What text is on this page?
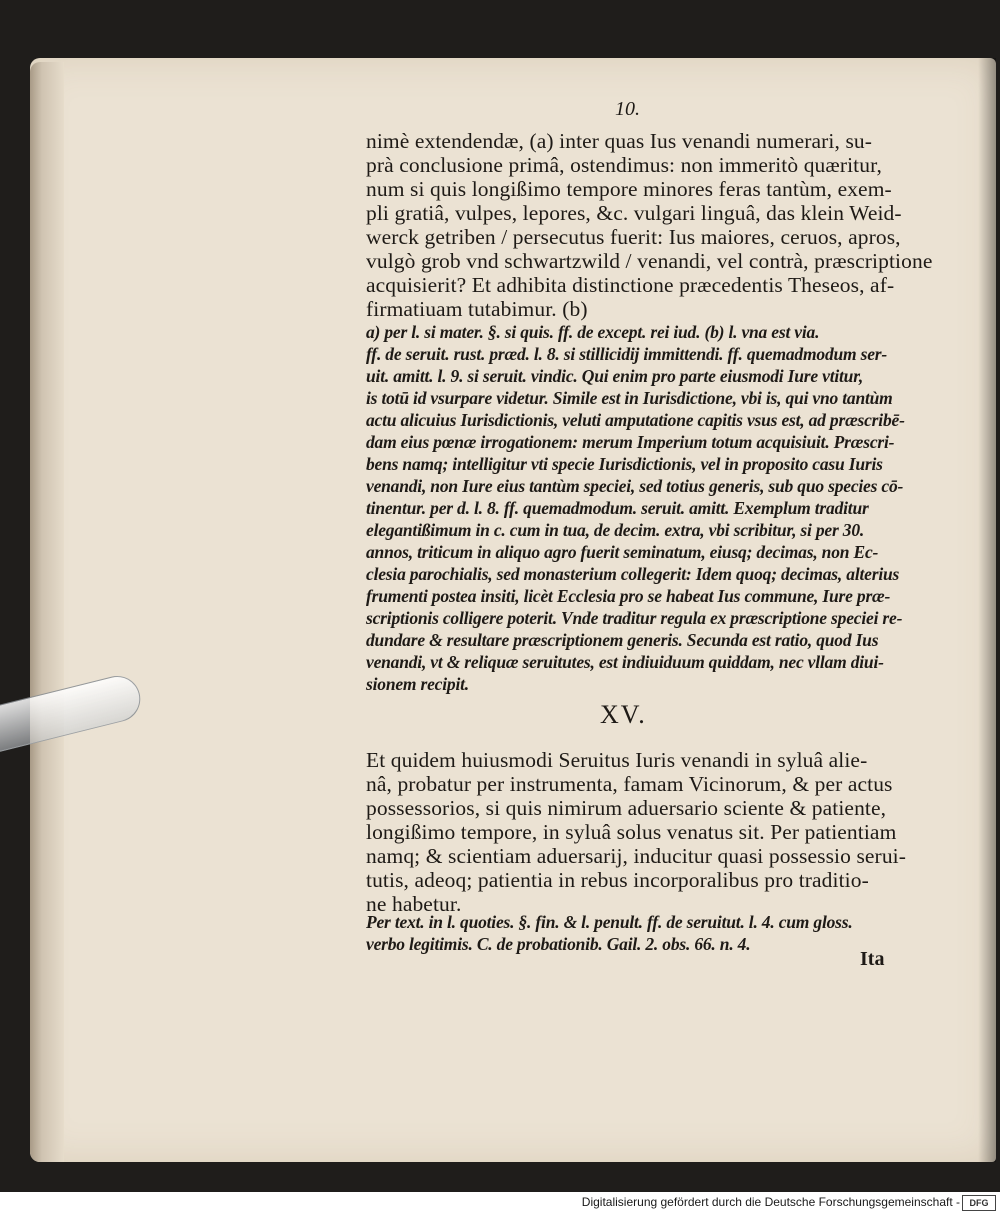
10.
nimè extendendæ, (a) inter quas Ius venandi numerari, su-
prà conclusione primâ, ostendimus: non immeritò quæritur,
num si quis longißimo tempore minores feras tantùm, exem-
pli gratiâ, vulpes, lepores, &c. vulgari linguâ, das klein Weid-
werck getriben / persecutus fuerit: Ius maiores, ceruos, apros,
vulgò grob vnd schwartzwild / venandi, vel contrà, præscriptione
acquisierit? Et adhibita distinctione præcedentis Theseos, af-
firmatiuam tutabimur. (b)
a) per l. si mater. §. si quis. ff. de except. rei iud. (b) l. vna est via.
ff. de seruit. rust. præd. l. 8. si stillicidij immittendi. ff. quemadmodum ser-
uit. amitt. l. 9. si seruit. vindic. Qui enim pro parte eiusmodi Iure vtitur,
is totū id vsurpare videtur. Simile est in Iurisdictione, vbi is, qui vno tantùm
actu alicuius Iurisdictionis, veluti amputatione capitis vsus est, ad præscribē-
dam eius pœnæ irrogationem: merum Imperium totum acquisiuit. Præscri-
bens namq; intelligitur vti specie Iurisdictionis, vel in proposito casu Iuris
venandi, non Iure eius tantùm speciei, sed totius generis, sub quo species cō-
tinentur. per d. l. 8. ff. quemadmodum. seruit. amitt. Exemplum traditur
elegantißimum in c. cum in tua, de decim. extra, vbi scribitur, si per 30.
annos, triticum in aliquo agro fuerit seminatum, eiusq; decimas, non Ec-
clesia parochialis, sed monasterium collegerit: Idem quoq; decimas, alterius
frumenti postea insiti, licèt Ecclesia pro se habeat Ius commune, Iure præ-
scriptionis colligere poterit. Vnde traditur regula ex præscriptione speciei re-
dundare & resultare præscriptionem generis. Secunda est ratio, quod Ius
venandi, vt & reliquæ seruitutes, est indiuiduum quiddam, nec vllam diui-
sionem recipit.
XV.
Et quidem huiusmodi Seruitus Iuris venandi in syluâ alie-
nâ, probatur per instrumenta, famam Vicinorum, & per actus
possessorios, si quis nimirum aduersario sciente & patiente,
longißimo tempore, in syluâ solus venatus sit. Per patientiam
namq; & scientiam aduersarij, inducitur quasi possessio serui-
tutis, adeoq; patientia in rebus incorporalibus pro traditio-
ne habetur.
Per text. in l. quoties. §. fin. & l. penult. ff. de seruitut. l. 4. cum gloss.
verbo legitimis. C. de probationib. Gail. 2. obs. 66. n. 4.
Ita
Digitalisierung gefördert durch die Deutsche Forschungsgemeinschaft -	DFG
